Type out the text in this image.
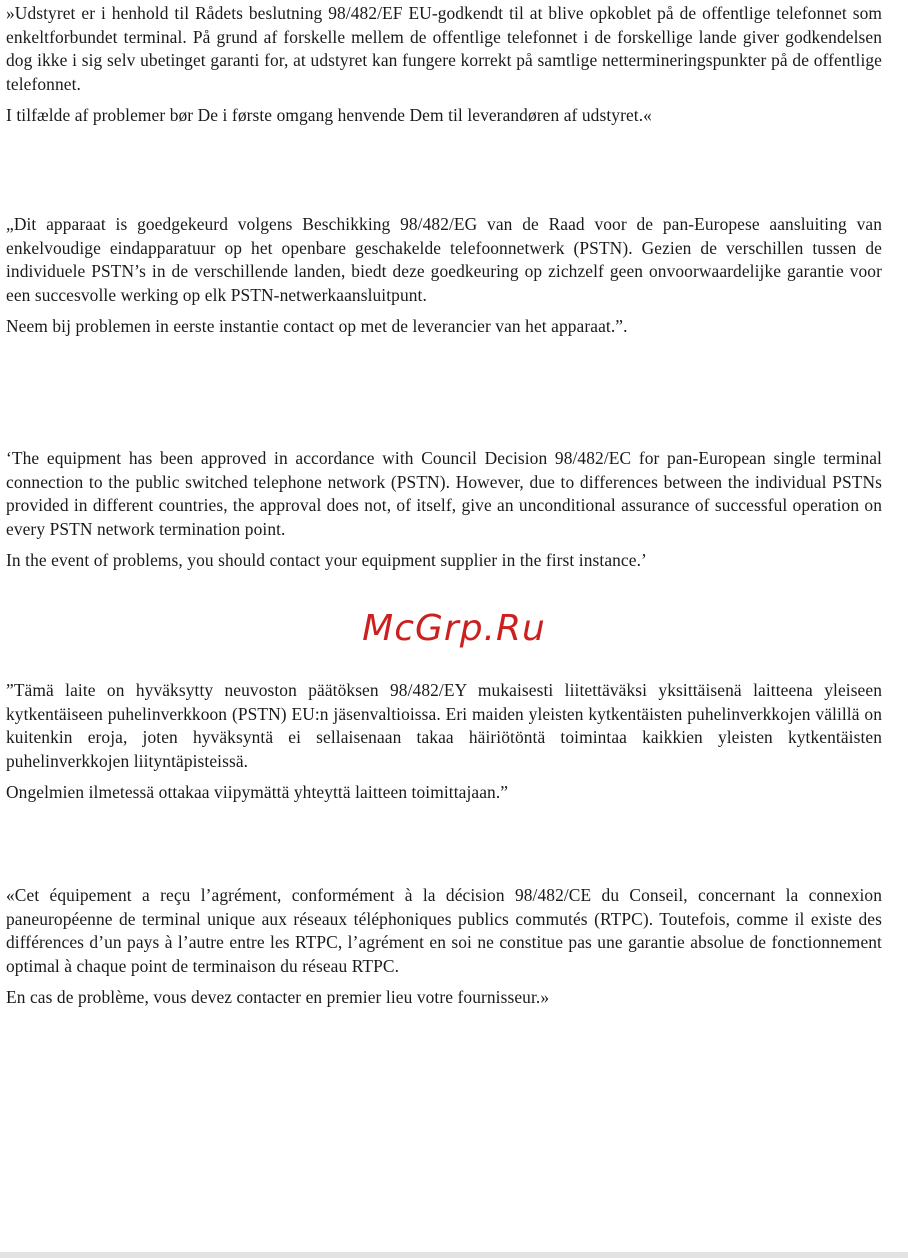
»Udstyret er i henhold til Rådets beslutning 98/482/EF EU-godkendt til at blive opkoblet på de offentlige telefonnet som enkeltforbundet terminal. På grund af forskelle mellem de offentlige telefonnet i de forskellige lande giver godkendelsen dog ikke i sig selv ubetinget garanti for, at udstyret kan fungere korrekt på samtlige nettermineringspunkter på de offentlige telefonnet.

I tilfælde af problemer bør De i første omgang henvende Dem til leverandøren af udstyret.«

„Dit apparaat is goedgekeurd volgens Beschikking 98/482/EG van de Raad voor de pan-Europese aansluiting van enkelvoudige eindapparatuur op het openbare geschakelde telefoonnetwerk (PSTN). Gezien de verschillen tussen de individuele PSTN’s in de verschillende landen, biedt deze goedkeuring op zichzelf geen onvoorwaardelijke garantie voor een succesvolle werking op elk PSTN-netwerkaansluitpunt.

Neem bij problemen in eerste instantie contact op met de leverancier van het apparaat.”.

‘The equipment has been approved in accordance with Council Decision 98/482/EC for pan-European single terminal connection to the public switched telephone network (PSTN). However, due to differences between the individual PSTNs provided in different countries, the approval does not, of itself, give an unconditional assurance of successful operation on every PSTN network termination point.

In the event of problems, you should contact your equipment supplier in the first instance.’

McGrp.Ru

”Tämä laite on hyväksytty neuvoston päätöksen 98/482/EY mukaisesti liitettäväksi yksittäisenä laitteena yleiseen kytkentäiseen puhelinverkkoon (PSTN) EU:n jäsenvaltioissa. Eri maiden yleisten kytkentäisten puhelinverkkojen välillä on kuitenkin eroja, joten hyväksyntä ei sellaisenaan takaa häiriötöntä toimintaa kaikkien yleisten kytkentäisten puhelinverkkojen liityntäpisteissä.

Ongelmien ilmetessä ottakaa viipymättä yhteyttä laitteen toimittajaan.”

«Cet équipement a reçu l’agrément, conformément à la décision 98/482/CE du Conseil, concernant la connexion paneuropéenne de terminal unique aux réseaux téléphoniques publics commutés (RTPC). Toutefois, comme il existe des différences d’un pays à l’autre entre les RTPC, l’agrément en soi ne constitue pas une garantie absolue de fonctionnement optimal à chaque point de terminaison du réseau RTPC.

En cas de problème, vous devez contacter en premier lieu votre fournisseur.»
